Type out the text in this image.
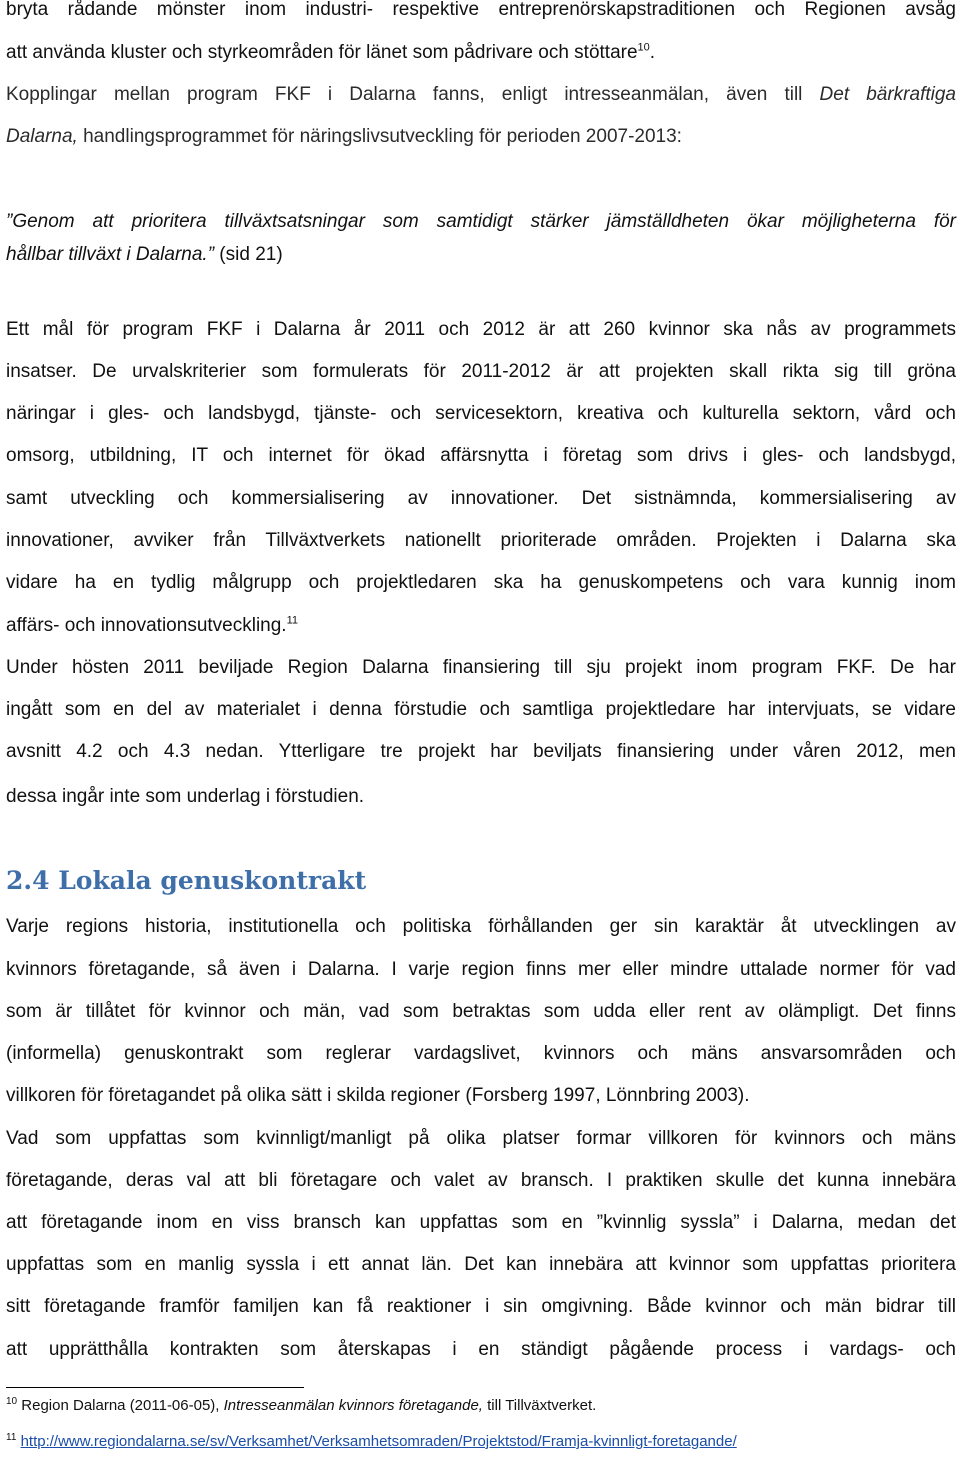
bryta rådande mönster inom industri- respektive entreprenörskapstraditionen och Regionen avsåg
att använda kluster och styrkeområden för länet som pådrivare och stöttare$^{10}$.
Kopplingar mellan program FKF i Dalarna fanns, enligt intresseanmälan, även till Det bärkraftiga
Dalarna, handlingsprogrammet för näringslivsutveckling för perioden 2007-2013:
”Genom att prioritera tillväxtsatsningar som samtidigt stärker jämställdheten ökar möjligheterna för
hållbar tillväxt i Dalarna.” (sid 21)
Ett mål för program FKF i Dalarna år 2011 och 2012 är att 260 kvinnor ska nås av programmets
insatser. De urvalskriterier som formulerats för 2011-2012 är att projekten skall rikta sig till gröna
näringar i gles- och landsbygd, tjänste- och servicesektorn, kreativa och kulturella sektorn, vård och
omsorg, utbildning, IT och internet för ökad affärsnytta i företag som drivs i gles- och landsbygd,
samt utveckling och kommersialisering av innovationer. Det sistnämnda, kommersialisering av
innovationer, avviker från Tillväxtverkets nationellt prioriterade områden. Projekten i Dalarna ska
vidare ha en tydlig målgrupp och projektledaren ska ha genuskompetens och vara kunnig inom
affärs- och innovationsutveckling.$^{11}$
Under hösten 2011 beviljade Region Dalarna finansiering till sju projekt inom program FKF. De har
ingått som en del av materialet i denna förstudie och samtliga projektledare har intervjuats, se vidare
avsnitt 4.2 och 4.3 nedan. Ytterligare tre projekt har beviljats finansiering under våren 2012, men
dessa ingår inte som underlag i förstudien.
2.4 Lokala genuskontrakt
Varje regions historia, institutionella och politiska förhållanden ger sin karaktär åt utvecklingen av
kvinnors företagande, så även i Dalarna. I varje region finns mer eller mindre uttalade normer för vad
som är tillåtet för kvinnor och män, vad som betraktas som udda eller rent av olämpligt. Det finns
(informella) genuskontrakt som reglerar vardagslivet, kvinnors och mäns ansvarsområden och
villkoren för företagandet på olika sätt i skilda regioner (Forsberg 1997, Lönnbring 2003).
Vad som uppfattas som kvinnligt/manligt på olika platser formar villkoren för kvinnors och mäns
företagande, deras val att bli företagare och valet av bransch. I praktiken skulle det kunna innebära
att företagande inom en viss bransch kan uppfattas som en ”kvinnlig syssla” i Dalarna, medan det
uppfattas som en manlig syssla i ett annat län. Det kan innebära att kvinnor som uppfattas prioritera
sitt företagande framför familjen kan få reaktioner i sin omgivning. Både kvinnor och män bidrar till
att upprätthålla kontrakten som återskapas i en ständigt pågående process i vardags- och
$^{10}$ Region Dalarna (2011-06-05), Intresseanmälan kvinnors företagande, till Tillväxtverket.
$^{11}$ http://www.regiondalarna.se/sv/Verksamhet/Verksamhetsomraden/Projektstod/Framja-kvinnligt-foretagande/
